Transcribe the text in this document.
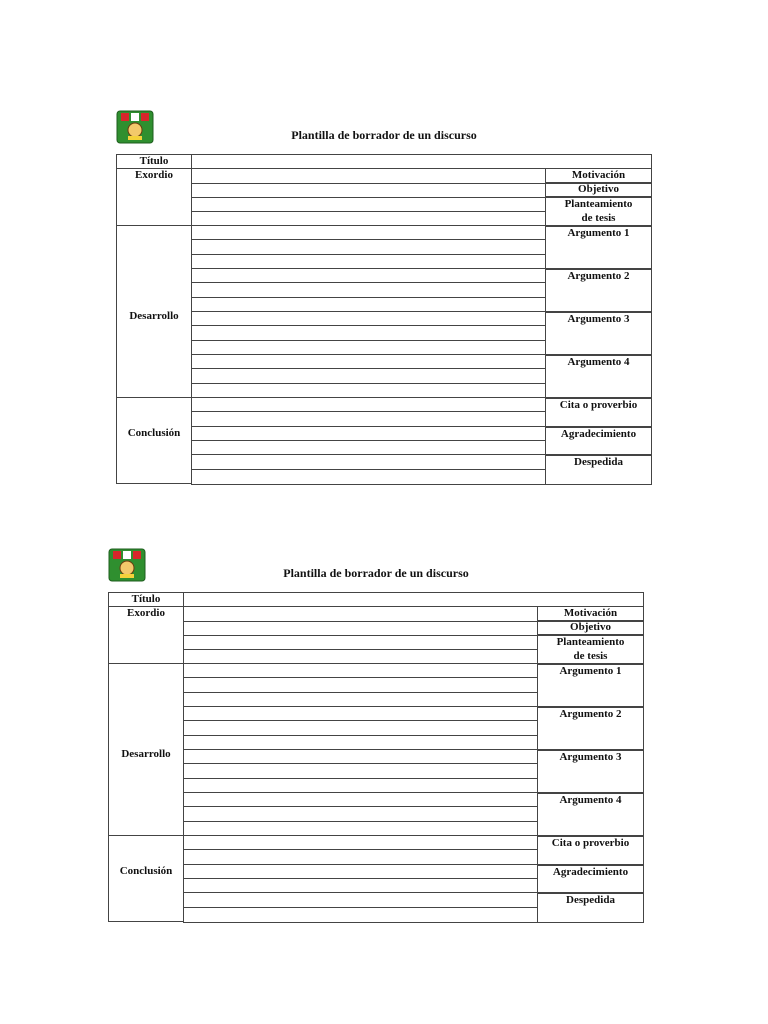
Plantilla de borrador de un discurso
Título
Exordio
Desarrollo
Conclusión
Motivación
Objetivo
Planteamiento
de tesis
Argumento 1
Argumento 2
Argumento 3
Argumento 4
Cita o proverbio
Agradecimiento
Despedida
Plantilla de borrador de un discurso
Título
Exordio
Desarrollo
Conclusión
Motivación
Objetivo
Planteamiento
de tesis
Argumento 1
Argumento 2
Argumento 3
Argumento 4
Cita o proverbio
Agradecimiento
Despedida
